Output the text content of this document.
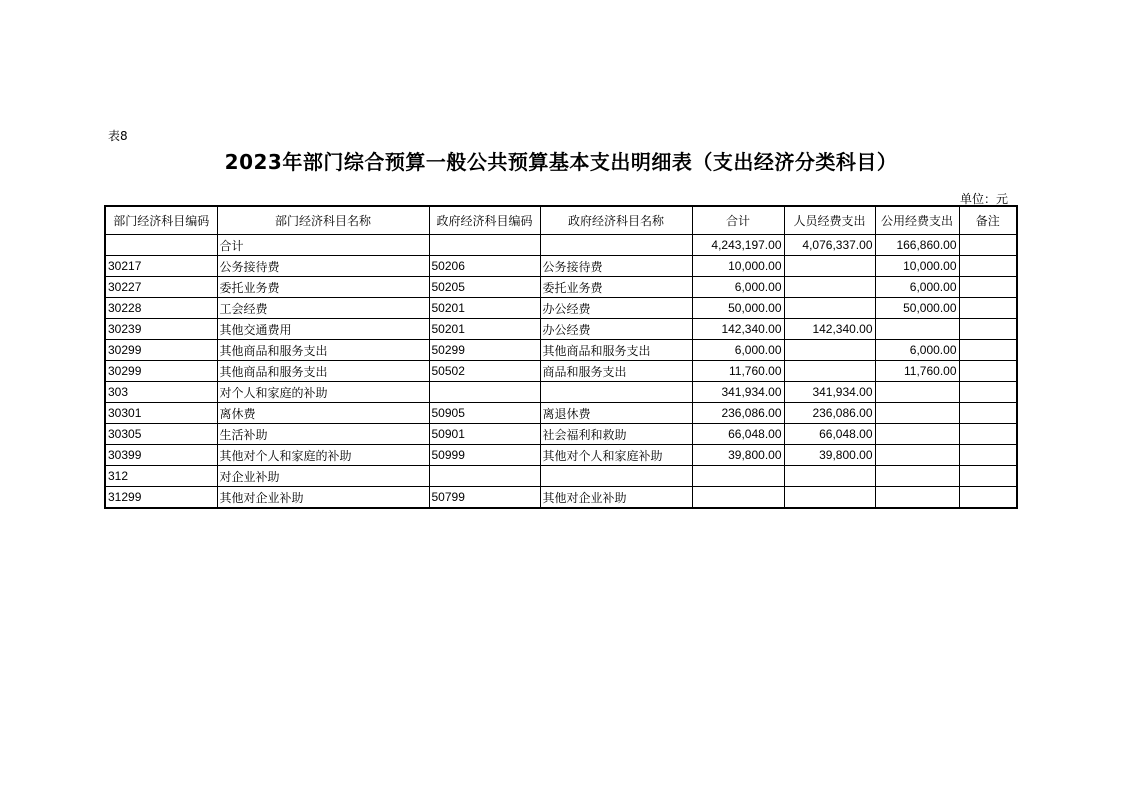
表8
2023年部门综合预算一般公共预算基本支出明细表（支出经济分类科目）
单位：元
部门经济科目编码	部门经济科目名称	政府经济科目编码	政府经济科目名称	合计	人员经费支出	公用经费支出	备注
	合计			4,243,197.00	4,076,337.00	166,860.00	
30217	公务接待费	50206	公务接待费	10,000.00		10,000.00	
30227	委托业务费	50205	委托业务费	6,000.00		6,000.00	
30228	工会经费	50201	办公经费	50,000.00		50,000.00	
30239	其他交通费用	50201	办公经费	142,340.00	142,340.00		
30299	其他商品和服务支出	50299	其他商品和服务支出	6,000.00		6,000.00	
30299	其他商品和服务支出	50502	商品和服务支出	11,760.00		11,760.00	
303	对个人和家庭的补助			341,934.00	341,934.00		
30301	离休费	50905	离退休费	236,086.00	236,086.00		
30305	生活补助	50901	社会福利和救助	66,048.00	66,048.00		
30399	其他对个人和家庭的补助	50999	其他对个人和家庭补助	39,800.00	39,800.00		
312	对企业补助						
31299	其他对企业补助	50799	其他对企业补助				
